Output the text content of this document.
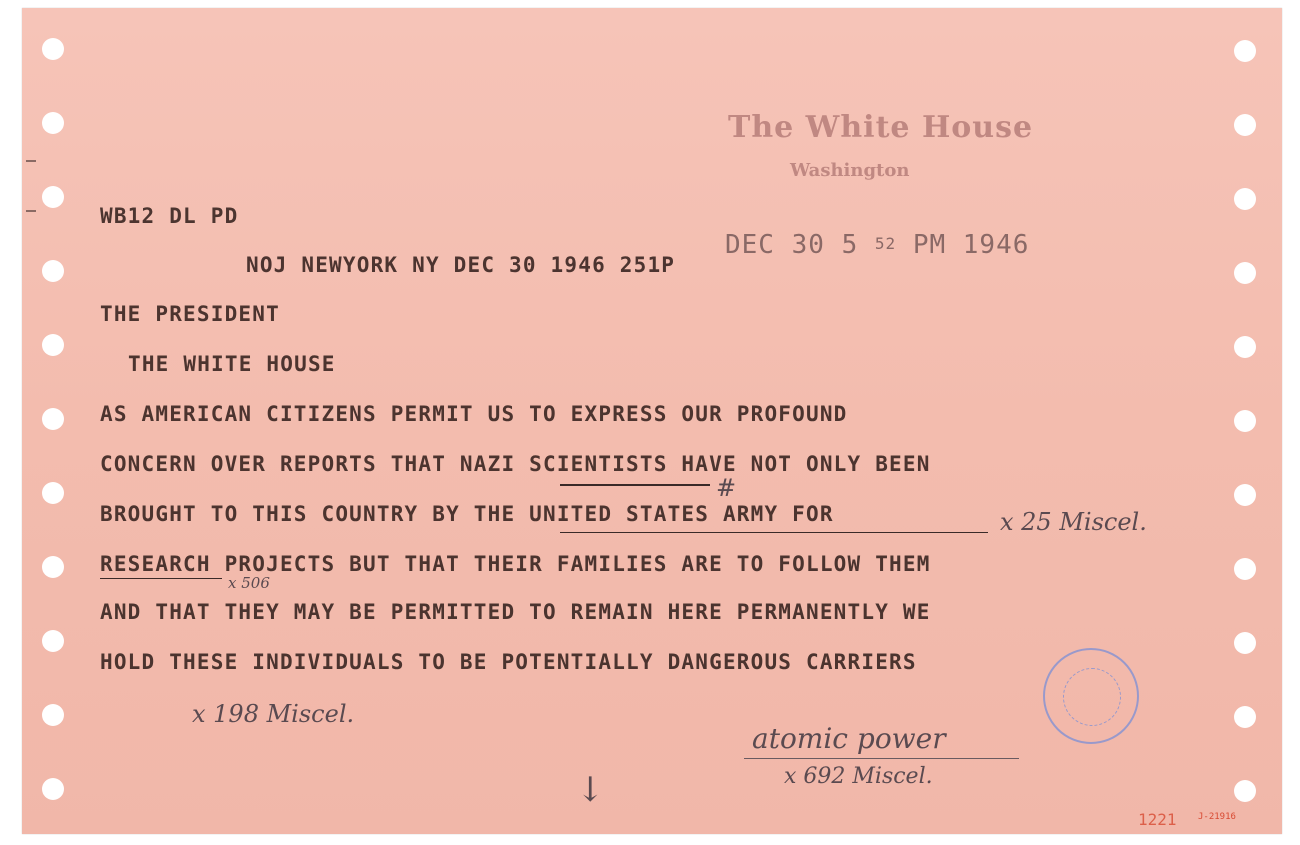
The White House
Washington
WB12 DL PD
NOJ NEWYORK NY DEC 30 1946 251P
DEC 30 5 52 PM 1946
THE PRESIDENT
THE WHITE HOUSE
AS AMERICAN CITIZENS PERMIT US TO EXPRESS OUR PROFOUND
CONCERN OVER REPORTS THAT NAZI SCIENTISTS HAVE NOT ONLY BEEN
BROUGHT TO THIS COUNTRY BY THE UNITED STATES ARMY FOR
RESEARCH PROJECTS BUT THAT THEIR FAMILIES ARE TO FOLLOW THEM
AND THAT THEY MAY BE PERMITTED TO REMAIN HERE PERMANENTLY WE
HOLD THESE INDIVIDUALS TO BE POTENTIALLY DANGEROUS CARRIERS
#
x 25 Miscel.
x 506
x 198 Miscel.
atomic power
x 692 Miscel.
↓
1221 J-21916
